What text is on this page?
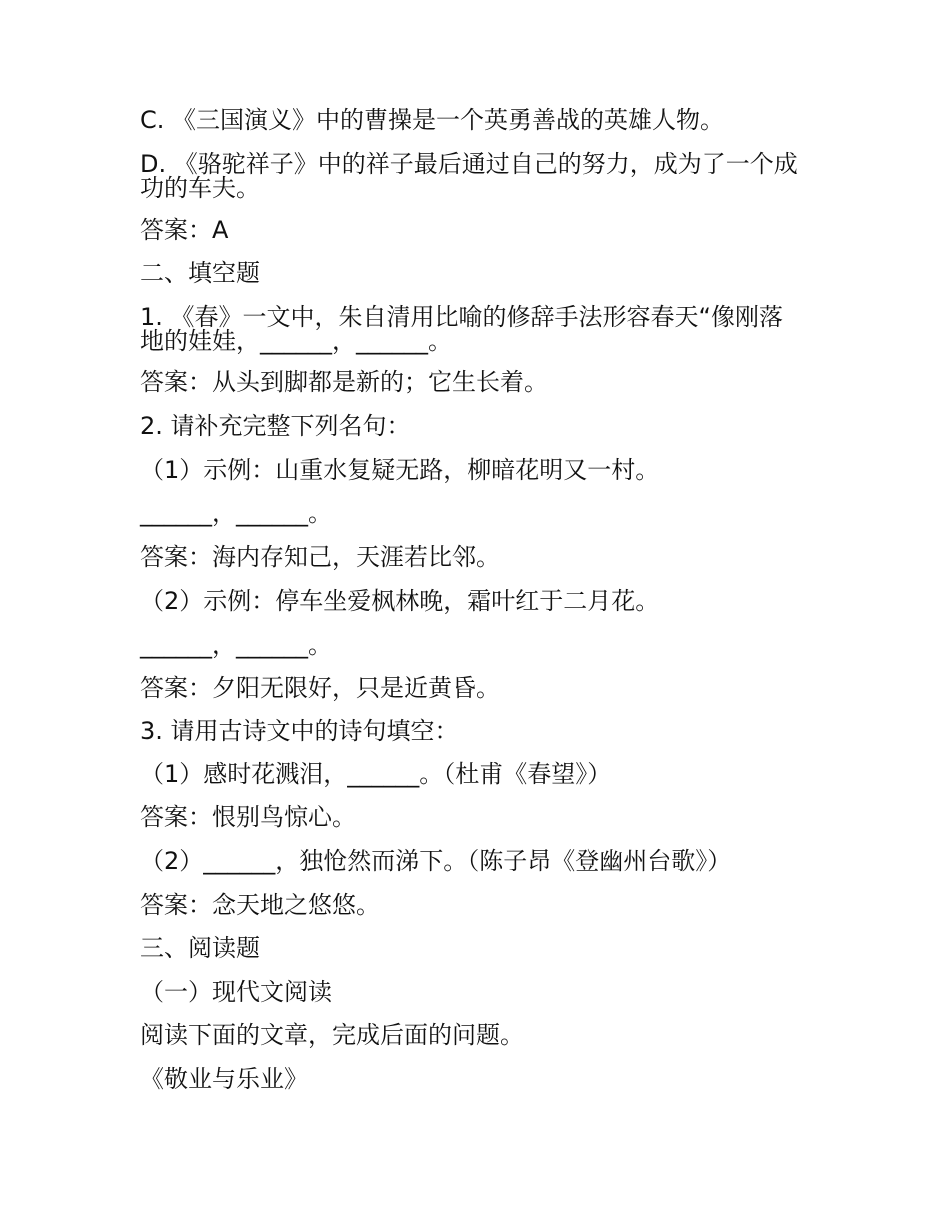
C. 《三国演义》中的曹操是一个英勇善战的英雄人物。
D. 《骆驼祥子》中的祥子最后通过自己的努力，成为了一个成功的车夫。
答案：A
二、填空题
1. 《春》一文中，朱自清用比喻的修辞手法形容春天“像刚落地的娃娃，______，______。
答案：从头到脚都是新的；它生长着。
2. 请补充完整下列名句：
（1）示例：山重水复疑无路，柳暗花明又一村。
______，______。
答案：海内存知己，天涯若比邻。
（2）示例：停车坐爱枫林晚，霜叶红于二月花。
______，______。
答案：夕阳无限好，只是近黄昏。
3. 请用古诗文中的诗句填空：
（1）感时花溅泪，______。（杜甫《春望》）
答案：恨别鸟惊心。
（2）______，独怆然而涕下。（陈子昂《登幽州台歌》）
答案：念天地之悠悠。
三、阅读题
（一）现代文阅读
阅读下面的文章，完成后面的问题。
《敬业与乐业》
